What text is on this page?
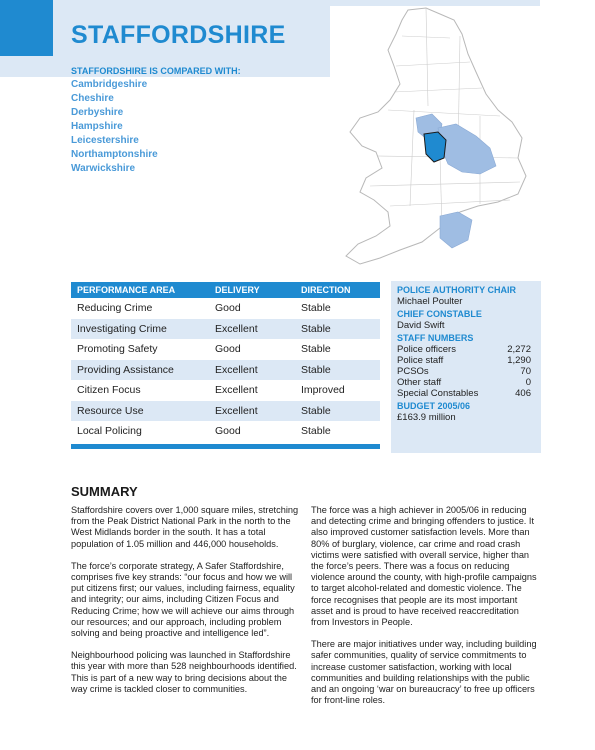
STAFFORDSHIRE
STAFFORDSHIRE IS COMPARED WITH:
Cambridgeshire
Cheshire
Derbyshire
Hampshire
Leicestershire
Northamptonshire
Warwickshire
PERFORMANCE AREA	DELIVERY	DIRECTION
Reducing Crime	Good	Stable
Investigating Crime	Excellent	Stable
Promoting Safety	Good	Stable
Providing Assistance	Excellent	Stable
Citizen Focus	Excellent	Improved
Resource Use	Excellent	Stable
Local Policing	Good	Stable
POLICE AUTHORITY CHAIR
Michael Poulter
CHIEF CONSTABLE
David Swift
STAFF NUMBERS
Police officers	2,272
Police staff	1,290
PCSOs	70
Other staff	0
Special Constables	406
BUDGET 2005/06
£163.9 million
SUMMARY

Staffordshire covers over 1,000 square miles, stretching from the Peak District National Park in the north to the West Midlands border in the south. It has a total population of 1.05 million and 446,000 households.

The force’s corporate strategy, A Safer Staffordshire, comprises five key strands: “our focus and how we will put citizens first; our values, including fairness, equality and integrity; our aims, including Citizen Focus and Reducing Crime; how we will achieve our aims through our resources; and our approach, including problem solving and being proactive and intelligence led”.

Neighbourhood policing was launched in Staffordshire this year with more than 528 neighbourhoods identified. This is part of a new way to bring decisions about the way crime is tackled closer to communities.

The force was a high achiever in 2005/06 in reducing and detecting crime and bringing offenders to justice. It also improved customer satisfaction levels. More than 80% of burglary, violence, car crime and road crash victims were satisfied with overall service, higher than the force’s peers. There was a focus on reducing violence around the county, with high-profile campaigns to target alcohol-related and domestic violence. The force recognises that people are its most important asset and is proud to have received reaccreditation from Investors in People.

There are major initiatives under way, including building safer communities, quality of service commitments to increase customer satisfaction, working with local communities and building relationships with the public and an ongoing ‘war on bureaucracy’ to free up officers for front-line roles.
